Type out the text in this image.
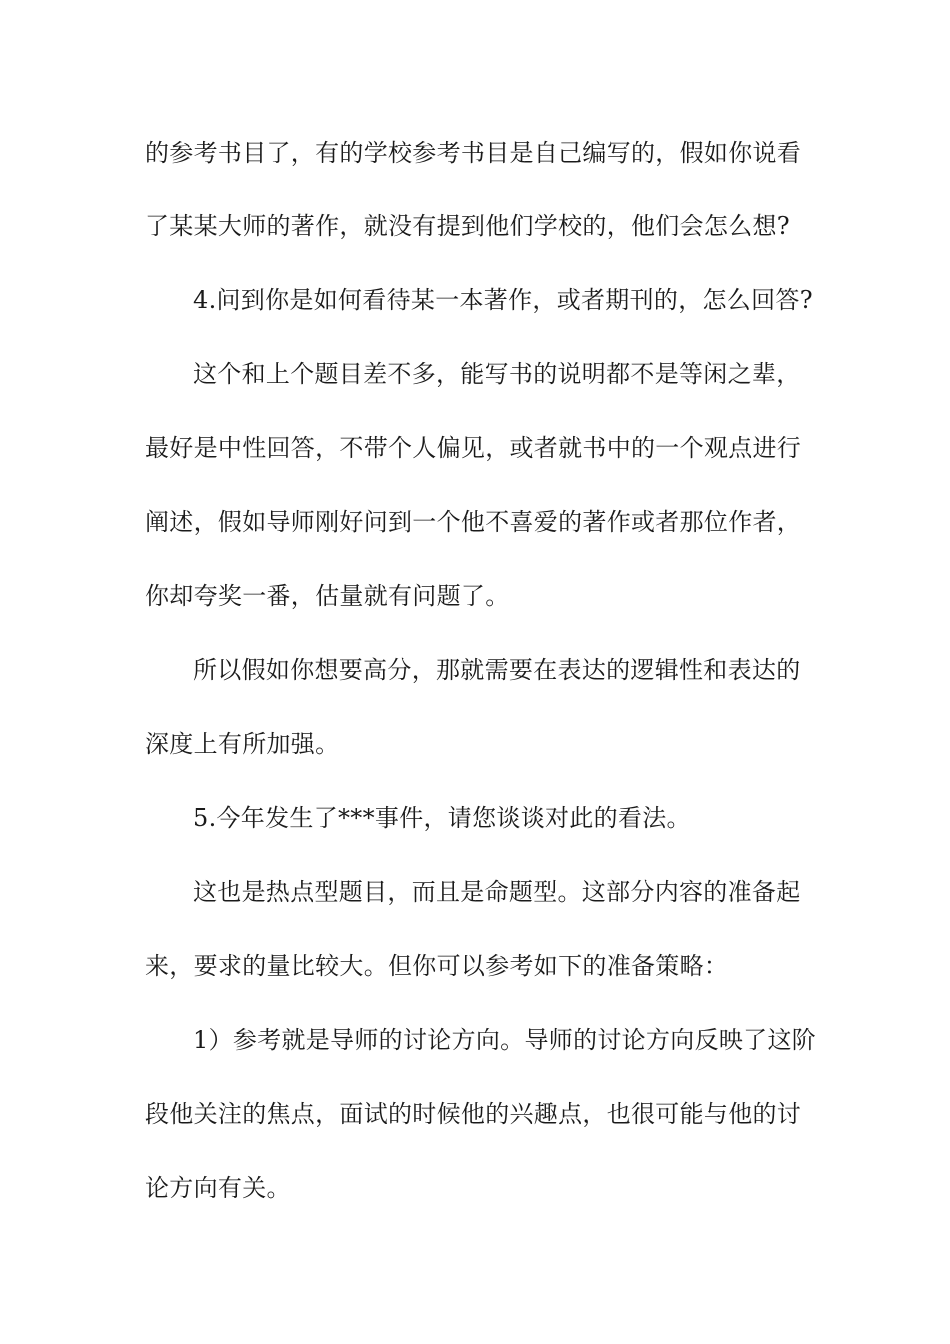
的参考书目了，有的学校参考书目是自己编写的，假如你说看
了某某大师的著作，就没有提到他们学校的，他们会怎么想?
4.问到你是如何看待某一本著作，或者期刊的，怎么回答?
这个和上个题目差不多，能写书的说明都不是等闲之辈，
最好是中性回答，不带个人偏见，或者就书中的一个观点进行
阐述，假如导师刚好问到一个他不喜爱的著作或者那位作者，
你却夸奖一番，估量就有问题了。
所以假如你想要高分，那就需要在表达的逻辑性和表达的
深度上有所加强。
5.今年发生了***事件，请您谈谈对此的看法。
这也是热点型题目，而且是命题型。这部分内容的准备起
来，要求的量比较大。但你可以参考如下的准备策略：
1）参考就是导师的讨论方向。导师的讨论方向反映了这阶
段他关注的焦点，面试的时候他的兴趣点，也很可能与他的讨
论方向有关。
